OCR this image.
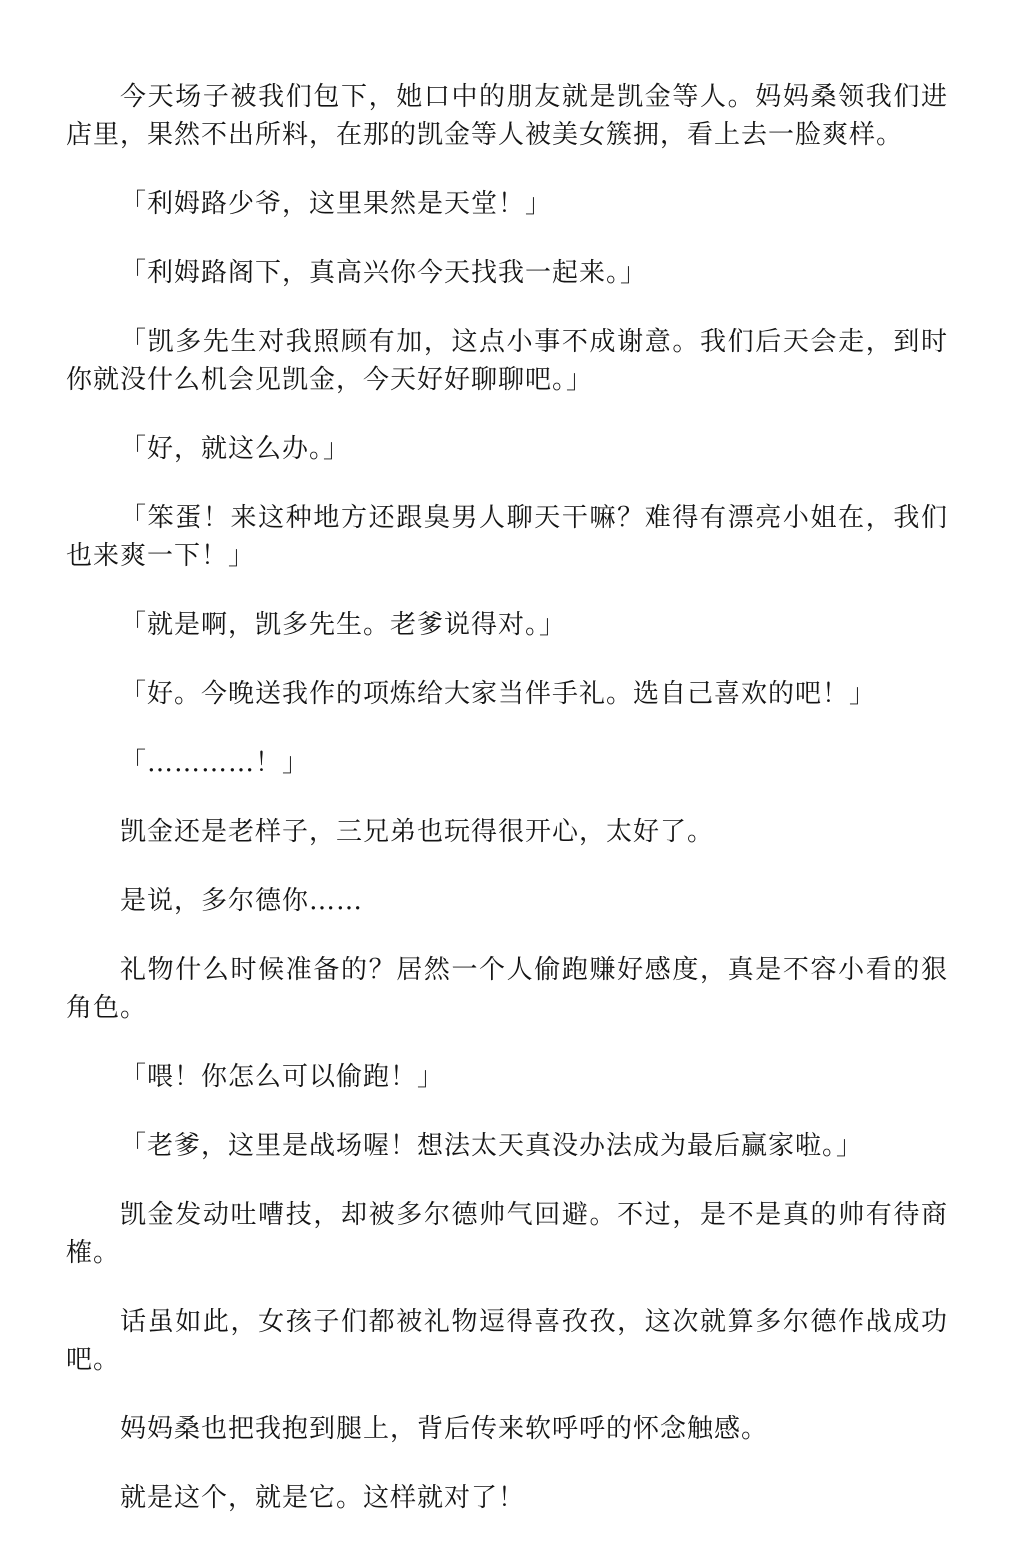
今天场子被我们包下，她口中的朋友就是凯金等人。妈妈桑领我们进店里，果然不出所料，在那的凯金等人被美女簇拥，看上去一脸爽样。

「利姆路少爷，这里果然是天堂！」

「利姆路阁下，真高兴你今天找我一起来。」

「凯多先生对我照顾有加，这点小事不成谢意。我们后天会走，到时你就没什么机会见凯金，今天好好聊聊吧。」

「好，就这么办。」

「笨蛋！来这种地方还跟臭男人聊天干嘛？难得有漂亮小姐在，我们也来爽一下！」

「就是啊，凯多先生。老爹说得对。」

「好。今晚送我作的项炼给大家当伴手礼。选自己喜欢的吧！」

「…………！」

凯金还是老样子，三兄弟也玩得很开心，太好了。

是说，多尔德你……

礼物什么时候准备的？居然一个人偷跑赚好感度，真是不容小看的狠角色。

「喂！你怎么可以偷跑！」

「老爹，这里是战场喔！想法太天真没办法成为最后赢家啦。」

凯金发动吐嘈技，却被多尔德帅气回避。不过，是不是真的帅有待商榷。

话虽如此，女孩子们都被礼物逗得喜孜孜，这次就算多尔德作战成功吧。

妈妈桑也把我抱到腿上，背后传来软呼呼的怀念触感。

就是这个，就是它。这样就对了！
